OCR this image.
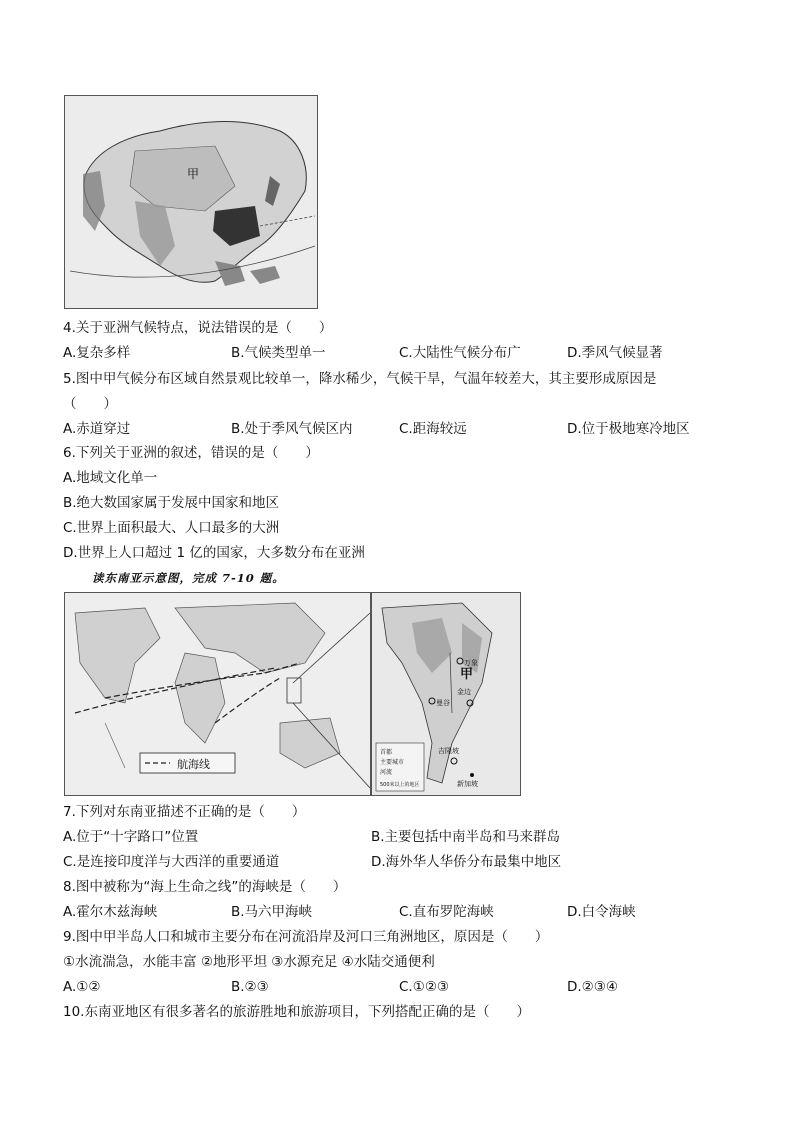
甲
4.关于亚洲气候特点，说法错误的是（　　）
A.复杂多样	B.气候类型单一	C.大陆性气候分布广	D.季风气候显著
5.图中甲气候分布区域自然景观比较单一，降水稀少，气候干旱，气温年较差大，其主要形成原因是
（　　）
A.赤道穿过	B.处于季风气候区内	C.距海较远	D.位于极地寒冷地区
6.下列关于亚洲的叙述，错误的是（　　）
A.地域文化单一
B.绝大数国家属于发展中国家和地区
C.世界上面积最大、人口最多的大洲
D.世界上人口超过 1 亿的国家，大多数分布在亚洲
读东南亚示意图，完成 7-10 题。
航海线
甲
曼谷
万象
金边
吉隆坡
新加坡
首都
主要城市
河流
500米以上的地区
7.下列对东南亚描述不正确的是（　　）
A.位于“十字路口”位置	B.主要包括中南半岛和马来群岛
C.是连接印度洋与大西洋的重要通道	D.海外华人华侨分布最集中地区
8.图中被称为“海上生命之线”的海峡是（　　）
A.霍尔木兹海峡	B.马六甲海峡	C.直布罗陀海峡	D.白令海峡
9.图中甲半岛人口和城市主要分布在河流沿岸及河口三角洲地区，原因是（　　）
①水流湍急，水能丰富 ②地形平坦 ③水源充足 ④水陆交通便利
A.①②	B.②③	C.①②③	D.②③④
10.东南亚地区有很多著名的旅游胜地和旅游项目，下列搭配正确的是（　　）
